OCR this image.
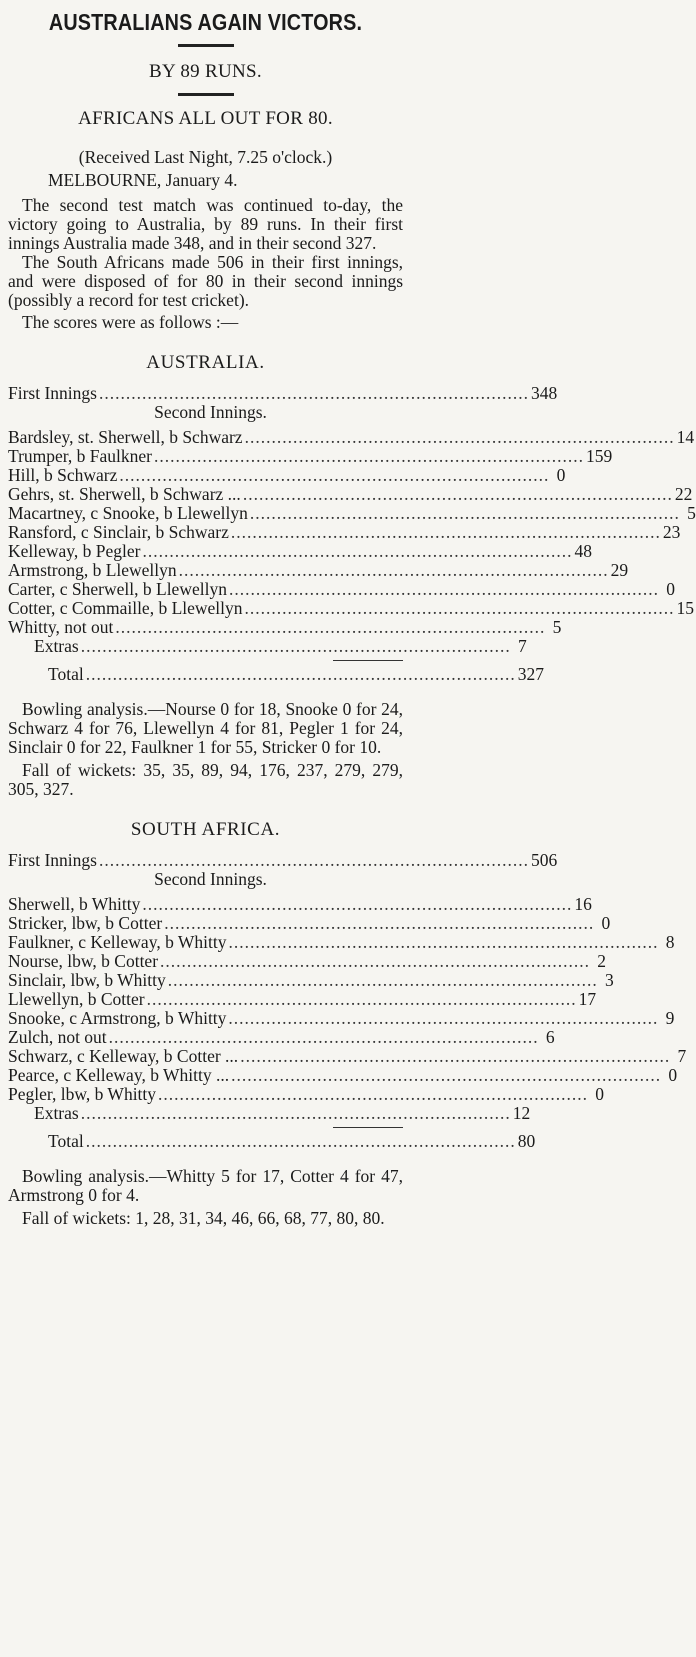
AUSTRALIANS AGAIN VICTORS.
BY 89 RUNS.
AFRICANS ALL OUT FOR 80.
(Received Last Night, 7.25 o'clock.)
MELBOURNE, January 4.

The second test match was continued to-day, the victory going to Australia, by 89 runs. In their first innings Australia made 348, and in their second 327.

The South Africans made 506 in their first innings, and were disposed of for 80 in their second innings (possibly a record for test cricket).

The scores were as follows :—

AUSTRALIA.
First Innings ................................................................................ 348
Second Innings.
Bardsley, st. Sherwell, b Schwarz ................................................................................ 14
Trumper, b Faulkner ................................................................................ 159
Hill, b Schwarz ................................................................................ 0
Gehrs, st. Sherwell, b Schwarz ... ................................................................................ 22
Macartney, c Snooke, b Llewellyn ................................................................................ 5
Ransford, c Sinclair, b Schwarz ................................................................................ 23
Kelleway, b Pegler ................................................................................ 48
Armstrong, b Llewellyn ................................................................................ 29
Carter, c Sherwell, b Llewellyn ................................................................................ 0
Cotter, c Commaille, b Llewellyn ................................................................................ 15
Whitty, not out ................................................................................ 5
Extras ................................................................................ 7
Total ................................................................................ 327

Bowling analysis.—Nourse 0 for 18, Snooke 0 for 24, Schwarz 4 for 76, Llewellyn 4 for 81, Pegler 1 for 24, Sinclair 0 for 22, Faulkner 1 for 55, Stricker 0 for 10.

Fall of wickets: 35, 35, 89, 94, 176, 237, 279, 279, 305, 327.

SOUTH AFRICA.
First Innings ................................................................................ 506
Second Innings.
Sherwell, b Whitty ................................................................................ 16
Stricker, lbw, b Cotter ................................................................................ 0
Faulkner, c Kelleway, b Whitty ................................................................................ 8
Nourse, lbw, b Cotter ................................................................................ 2
Sinclair, lbw, b Whitty ................................................................................ 3
Llewellyn, b Cotter ................................................................................ 17
Snooke, c Armstrong, b Whitty ................................................................................ 9
Zulch, not out ................................................................................ 6
Schwarz, c Kelleway, b Cotter ... ................................................................................ 7
Pearce, c Kelleway, b Whitty ... ................................................................................ 0
Pegler, lbw, b Whitty ................................................................................ 0
Extras ................................................................................ 12
Total ................................................................................ 80

Bowling analysis.—Whitty 5 for 17, Cotter 4 for 47, Armstrong 0 for 4.

Fall of wickets: 1, 28, 31, 34, 46, 66, 68, 77, 80, 80.
